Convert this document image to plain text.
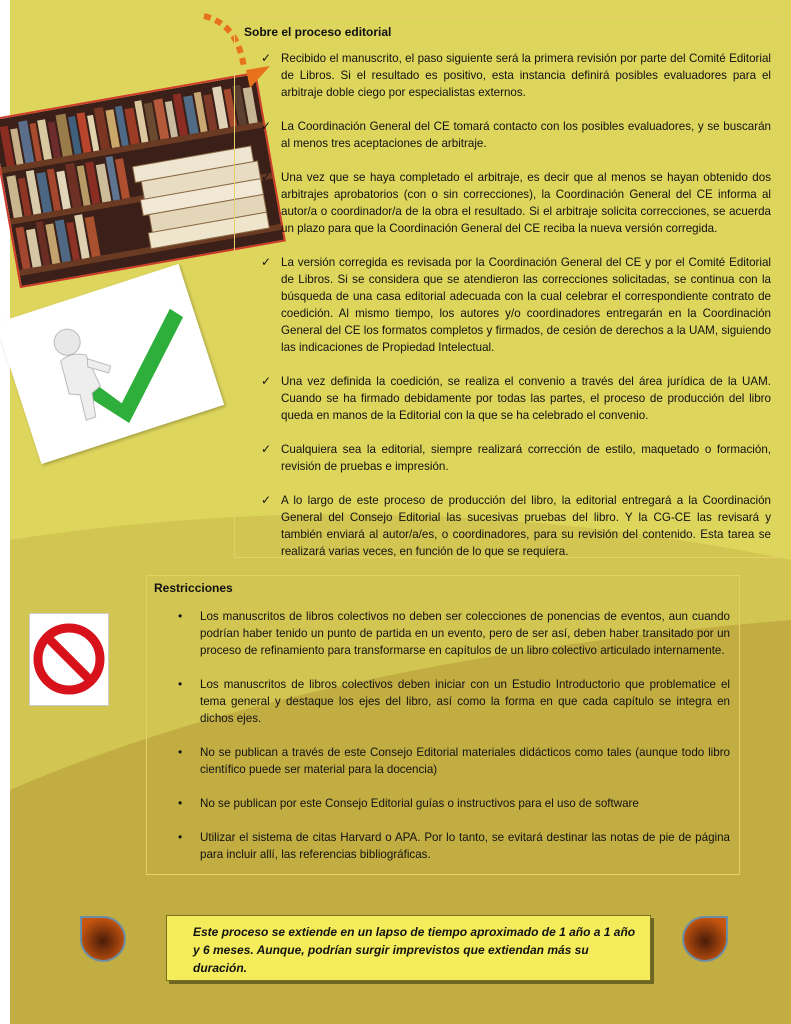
Sobre el proceso editorial
✓ Recibido el manuscrito, el paso siguiente será la primera revisión por parte del Comité Editorial de Libros. Si el resultado es positivo, esta instancia definirá posibles evaluadores para el arbitraje doble ciego por especialistas externos.
✓ La Coordinación General del CE tomará contacto con los posibles evaluadores, y se buscarán al menos tres aceptaciones de arbitraje.
✓ Una vez que se haya completado el arbitraje, es decir que al menos se hayan obtenido dos arbitrajes aprobatorios (con o sin correcciones), la Coordinación General del CE informa al autor/a o coordinador/a de la obra el resultado. Si el arbitraje solicita correcciones, se acuerda un plazo para que la Coordinación General del CE reciba la nueva versión corregida.
✓ La versión corregida es revisada por la Coordinación General del CE y por el Comité Editorial de Libros. Si se considera que se atendieron las correcciones solicitadas, se continua con la búsqueda de una casa editorial adecuada con la cual celebrar el correspondiente contrato de coedición. Al mismo tiempo, los autores y/o coordinadores entregarán en la Coordinación General del CE los formatos completos y firmados, de cesión de derechos a la UAM, siguiendo las indicaciones de Propiedad Intelectual.
✓ Una vez definida la coedición, se realiza el convenio a través del área jurídica de la UAM. Cuando se ha firmado debidamente por todas las partes, el proceso de producción del libro queda en manos de la Editorial con la que se ha celebrado el convenio.
✓ Cualquiera sea la editorial, siempre realizará corrección de estilo, maquetado o formación, revisión de pruebas e impresión.
✓ A lo largo de este proceso de producción del libro, la editorial entregará a la Coordinación General del Consejo Editorial las sucesivas pruebas del libro. Y la CG-CE las revisará y también enviará al autor/a/es, o coordinadores, para su revisión del contenido. Esta tarea se realizará varias veces, en función de lo que se requiera.
Restricciones
• Los manuscritos de libros colectivos no deben ser colecciones de ponencias de eventos, aun cuando podrían haber tenido un punto de partida en un evento, pero de ser así, deben haber transitado por un proceso de refinamiento para transformarse en capítulos de un libro colectivo articulado internamente.
• Los manuscritos de libros colectivos deben iniciar con un Estudio Introductorio que problematice el tema general y destaque los ejes del libro, así como la forma en que cada capítulo se integra en dichos ejes.
• No se publican a través de este Consejo Editorial materiales didácticos como tales (aunque todo libro científico puede ser material para la docencia)
• No se publican por este Consejo Editorial guías o instructivos para el uso de software
• Utilizar el sistema de citas Harvard o APA. Por lo tanto, se evitará destinar las notas de pie de página para incluir allí, las referencias bibliográficas.
Este proceso se extiende en un lapso de tiempo aproximado de 1 año a 1 año y 6 meses. Aunque, podrían surgir imprevistos que extiendan más su duración.
